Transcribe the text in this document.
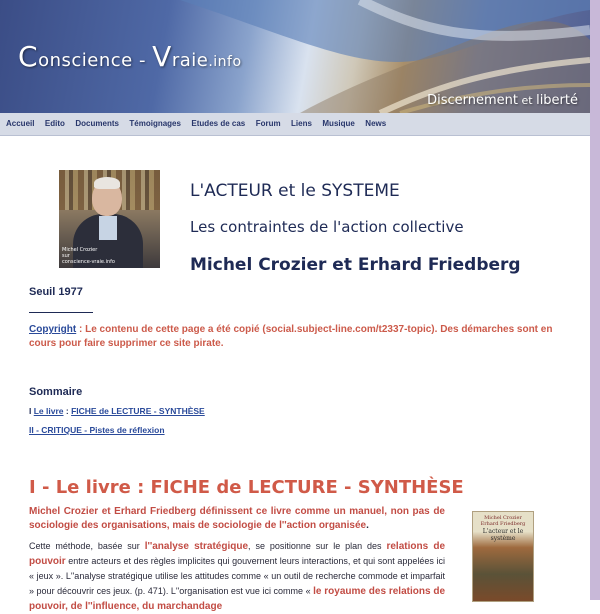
Conscience - Vraie.info
Discernement et liberté
Accueil Edito Documents Témoignages Etudes de cas Forum Liens Musique News
Michel Crozier
sur
conscience-vraie.info
L'ACTEUR et le SYSTEME
Les contraintes de l'action collective
Michel Crozier et Erhard Friedberg
Seuil 1977
Copyright : Le contenu de cette page a été copié (social.subject-line.com/t2337-topic). Des démarches sont en cours pour faire supprimer ce site pirate.
Sommaire
I Le livre : FICHE de LECTURE - SYNTHÈSE
II - CRITIQUE - Pistes de réflexion
I - Le livre : FICHE de LECTURE - SYNTHÈSE
Michel Crozier et Erhard Friedberg définissent ce livre comme un manuel, non pas de sociologie des organisations, mais de sociologie de l''action organisée.
Cette méthode, basée sur l''analyse stratégique, se positionne sur le plan des relations de pouvoir entre acteurs et des règles implicites qui gouvernent leurs interactions, et qui sont appelées ici « jeux ». L''analyse stratégique utilise les attitudes comme « un outil de recherche commode et imparfait » pour découvrir ces jeux. (p. 471). L''organisation est vue ici comme « le royaume des relations de pouvoir, de l''influence, du marchandage
Michel Crozier Erhard Friedberg
L'acteur et le système
